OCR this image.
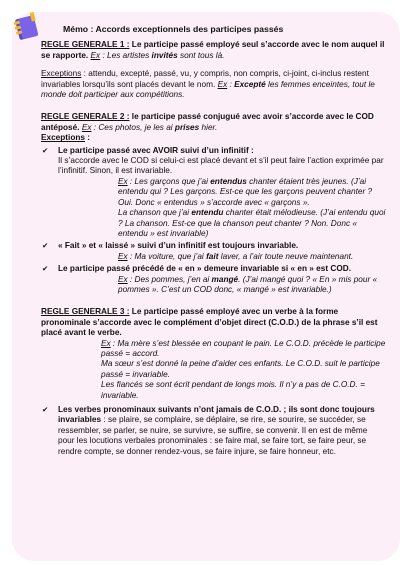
Mémo : Accords exceptionnels des participes passés

REGLE GENERALE 1 : Le participe passé employé seul s’accorde avec le nom auquel il se rapporte. Ex : Les artistes invités sont tous là.

Exceptions : attendu, excepté, passé, vu, y compris, non compris, ci-joint, ci-inclus restent invariables lorsqu’ils sont placés devant le nom. Ex : Excepté les femmes enceintes, tout le monde doit participer aux compétitions.

REGLE GENERALE 2 : le participe passé conjugué avec avoir s’accorde avec le COD antéposé. Ex : Ces photos, je les ai prises hier.

Exceptions :

✔ Le participe passé avec AVOIR suivi d’un infinitif :

Il s’accorde avec le COD si celui-ci est placé devant et s’il peut faire l’action exprimée par l’infinitif. Sinon, il est invariable.

Ex : Les garçons que j’ai entendus chanter étaient très jeunes. (J’ai entendu qui ? Les garçons. Est-ce que les garçons peuvent chanter ? Oui. Donc « entendus » s’accorde avec « garçons ».

La chanson que j’ai entendu chanter était mélodieuse. (J’ai entendu quoi ? La chanson. Est-ce que la chanson peut chanter ? Non. Donc « entendu » est invariable)

✔ « Fait » et « laissé » suivi d’un infinitif est toujours invariable.

Ex : Ma voiture, que j’ai fait laver, a l’air toute neuve maintenant.

✔ Le participe passé précédé de « en » demeure invariable si « en » est COD.

Ex : Des pommes, j’en ai mangé. (J’ai mangé quoi ? « En » mis pour « pommes ». C’est un COD donc, « mangé » est invariable.)

REGLE GENERALE 3 : Le participe passé employé avec un verbe à la forme pronominale s’accorde avec le complément d’objet direct (C.O.D.) de la phrase s’il est placé avant le verbe.

Ex : Ma mère s’est blessée en coupant le pain. Le C.O.D. précède le participe passé = accord.

Ma sœur s’est donné la peine d’aider ces enfants. Le C.O.D. suit le participe passé = invariable.

Les fiancés se sont écrit pendant de longs mois. Il n’y a pas de C.O.D. = invariable.

✔ Les verbes pronominaux suivants n’ont jamais de C.O.D. ; ils sont donc toujours invariables : se plaire, se complaire, se déplaire, se rire, se sourire, se succéder, se ressembler, se parler, se nuire, se survivre, se suffire, se convenir. Il en est de même pour les locutions verbales pronominales : se faire mal, se faire tort, se faire peur, se rendre compte, se donner rendez-vous, se faire injure, se faire honneur, etc.
